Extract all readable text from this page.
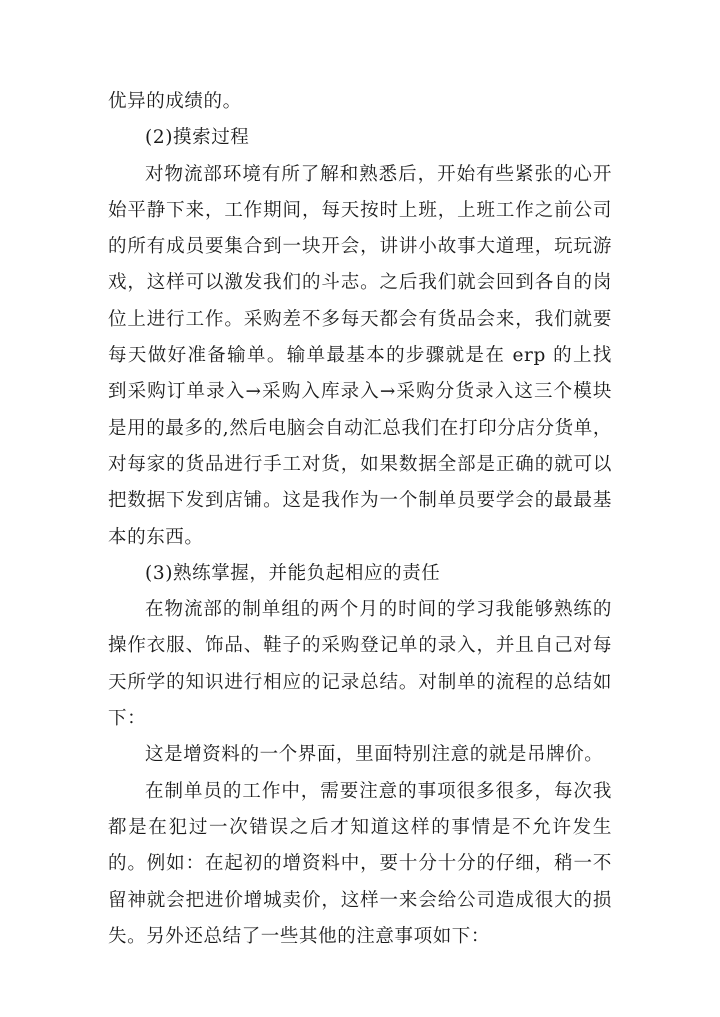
优异的成绩的。

(2)摸索过程

对物流部环境有所了解和熟悉后，开始有些紧张的心开始平静下来，工作期间，每天按时上班，上班工作之前公司的所有成员要集合到一块开会，讲讲小故事大道理，玩玩游戏，这样可以激发我们的斗志。之后我们就会回到各自的岗位上进行工作。采购差不多每天都会有货品会来，我们就要每天做好准备输单。输单最基本的步骤就是在 erp 的上找到采购订单录入→采购入库录入→采购分货录入这三个模块是用的最多的,然后电脑会自动汇总我们在打印分店分货单，对每家的货品进行手工对货，如果数据全部是正确的就可以把数据下发到店铺。这是我作为一个制单员要学会的最最基本的东西。

(3)熟练掌握，并能负起相应的责任

在物流部的制单组的两个月的时间的学习我能够熟练的操作衣服、饰品、鞋子的采购登记单的录入，并且自己对每天所学的知识进行相应的记录总结。对制单的流程的总结如下：

这是增资料的一个界面，里面特别注意的就是吊牌价。

在制单员的工作中，需要注意的事项很多很多，每次我都是在犯过一次错误之后才知道这样的事情是不允许发生的。例如：在起初的增资料中，要十分十分的仔细，稍一不留神就会把进价增城卖价，这样一来会给公司造成很大的损失。另外还总结了一些其他的注意事项如下：
